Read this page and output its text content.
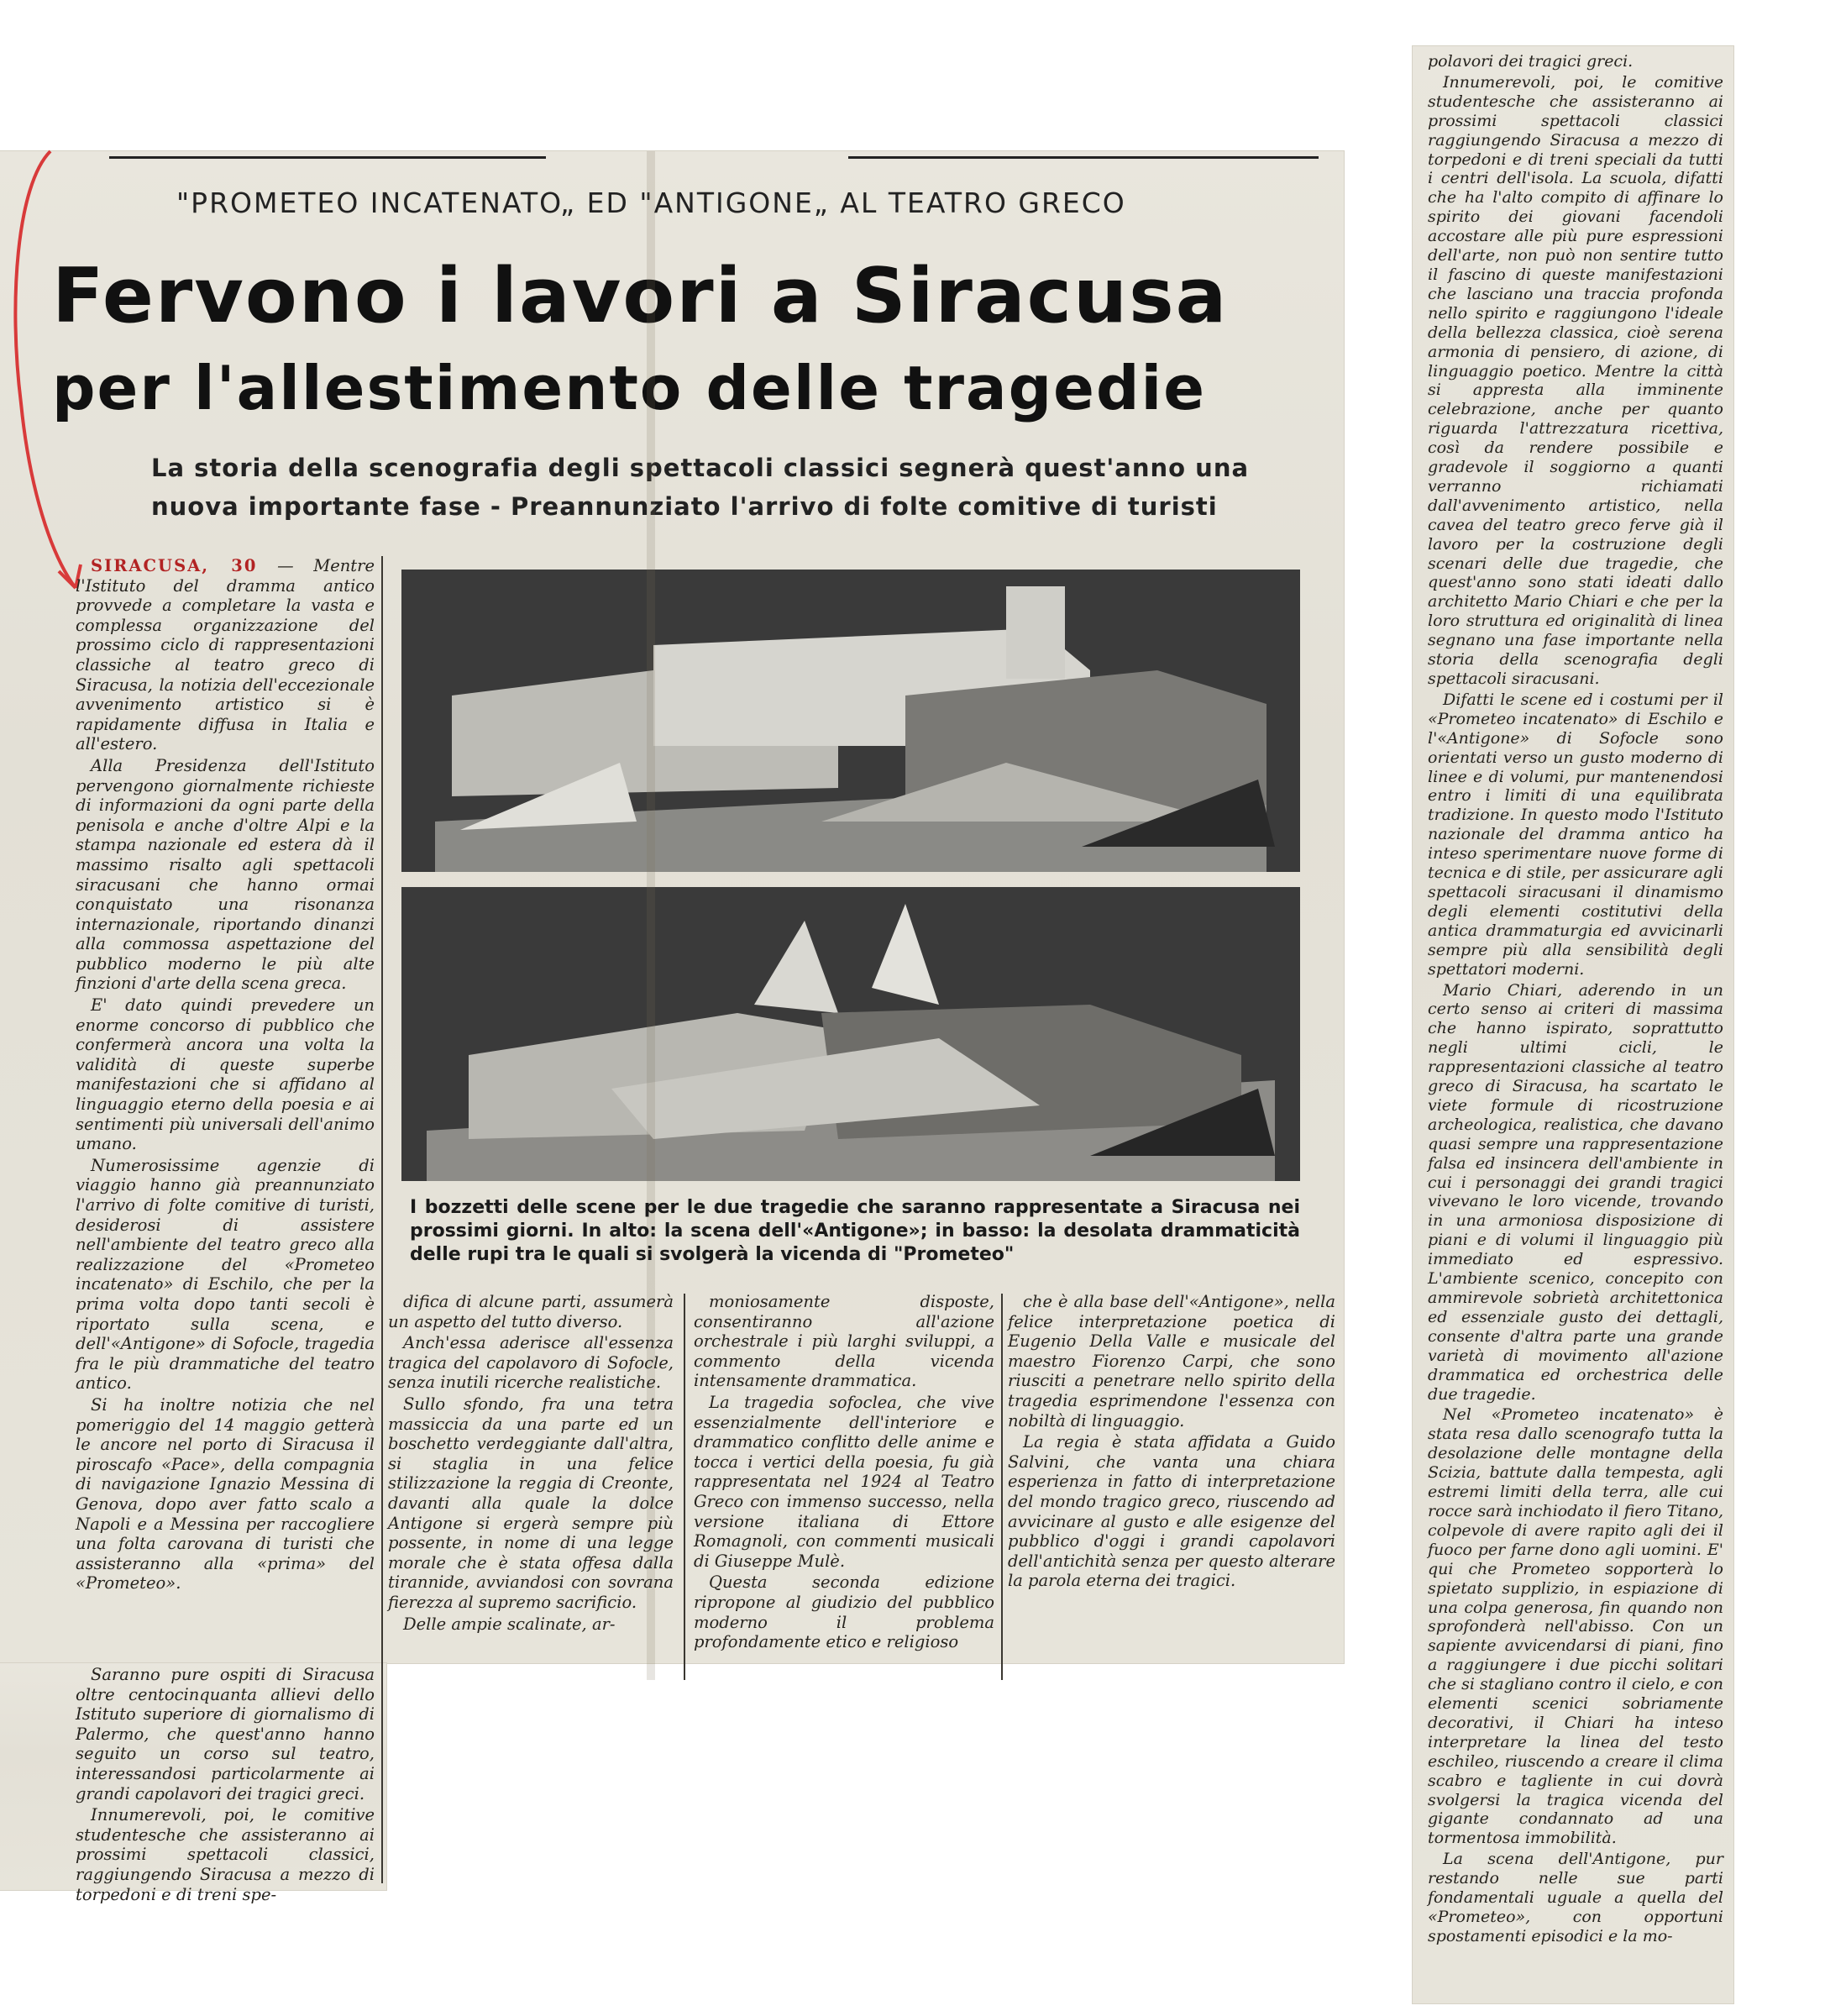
"PROMETEO INCATENATO„ ED "ANTIGONE„ AL TEATRO GRECO
Fervono i lavori a Siracusa
per l'allestimento delle tragedie
La storia della scenografia degli spettacoli classici segnerà quest'anno una
nuova importante fase - Preannunziato l'arrivo di folte comitive di turisti

SIRACUSA, 30 — Mentre l'Istituto del dramma antico provvede a completare la vasta e complessa organizzazione del prossimo ciclo di rappresentazioni classiche al teatro greco di Siracusa, la notizia dell'eccezionale avvenimento artistico si è rapidamente diffusa in Italia e all'estero.

Alla Presidenza dell'Istituto pervengono giornalmente richieste di informazioni da ogni parte della penisola e anche d'oltre Alpi e la stampa nazionale ed estera dà il massimo risalto agli spettacoli siracusani che hanno ormai conquistato una risonanza internazionale, riportando dinanzi alla commossa aspettazione del pubblico moderno le più alte finzioni d'arte della scena greca.

E' dato quindi prevedere un enorme concorso di pubblico che confermerà ancora una volta la validità di queste superbe manifestazioni che si affidano al linguaggio eterno della poesia e ai sentimenti più universali dell'animo umano.

Numerosissime agenzie di viaggio hanno già preannunziato l'arrivo di folte comitive di turisti, desiderosi di assistere nell'ambiente del teatro greco alla realizzazione del «Prometeo incatenato» di Eschilo, che per la prima volta dopo tanti secoli è riportato sulla scena, e dell'«Antigone» di Sofocle, tragedia fra le più drammatiche del teatro antico.

Si ha inoltre notizia che nel pomeriggio del 14 maggio getterà le ancore nel porto di Siracusa il piroscafo «Pace», della compagnia di navigazione Ignazio Messina di Genova, dopo aver fatto scalo a Napoli e a Messina per raccogliere una folta carovana di turisti che assisteranno alla «prima» del «Prometeo».

Saranno pure ospiti di Siracusa oltre centocinquanta allievi dello Istituto superiore di giornalismo di Palermo, che quest'anno hanno seguito un corso sul teatro, interessandosi particolarmente ai grandi capolavori dei tragici greci.

Innumerevoli, poi, le comitive studentesche che assisteranno ai prossimi spettacoli classici, raggiungendo Siracusa a mezzo di torpedoni e di treni spe-

I bozzetti delle scene per le due tragedie che saranno rappresentate a Siracusa nei prossimi giorni. In alto: la scena dell'«Antigone»; in basso: la desolata drammaticità delle rupi tra le quali si svolgerà la vicenda di "Prometeo"

difica di alcune parti, assumerà un aspetto del tutto diverso.

Anch'essa aderisce all'essenza tragica del capolavoro di Sofocle, senza inutili ricerche realistiche.

Sullo sfondo, fra una tetra massiccia da una parte ed un boschetto verdeggiante dall'altra, si staglia in una felice stilizzazione la reggia di Creonte, davanti alla quale la dolce Antigone si ergerà sempre più possente, in nome di una legge morale che è stata offesa dalla tirannide, avviandosi con sovrana fierezza al supremo sacrificio.

Delle ampie scalinate, ar-

moniosamente disposte, consentiranno all'azione orchestrale i più larghi sviluppi, a commento della vicenda intensamente drammatica.

La tragedia sofoclea, che vive essenzialmente dell'interiore e drammatico conflitto delle anime e tocca i vertici della poesia, fu già rappresentata nel 1924 al Teatro Greco con immenso successo, nella versione italiana di Ettore Romagnoli, con commenti musicali di Giuseppe Mulè.

Questa seconda edizione ripropone al giudizio del pubblico moderno il problema profondamente etico e religioso

che è alla base dell'«Antigone», nella felice interpretazione poetica di Eugenio Della Valle e musicale del maestro Fiorenzo Carpi, che sono riusciti a penetrare nello spirito della tragedia esprimendone l'essenza con nobiltà di linguaggio.

La regia è stata affidata a Guido Salvini, che vanta una chiara esperienza in fatto di interpretazione del mondo tragico greco, riuscendo ad avvicinare al gusto e alle esigenze del pubblico d'oggi i grandi capolavori dell'antichità senza per questo alterare la parola eterna dei tragici.

polavori dei tragici greci.

Innumerevoli, poi, le comitive studentesche che assisteranno ai prossimi spettacoli classici raggiungendo Siracusa a mezzo di torpedoni e di treni speciali da tutti i centri dell'isola. La scuola, difatti che ha l'alto compito di affinare lo spirito dei giovani facendoli accostare alle più pure espressioni dell'arte, non può non sentire tutto il fascino di queste manifestazioni che lasciano una traccia profonda nello spirito e raggiungono l'ideale della bellezza classica, cioè serena armonia di pensiero, di azione, di linguaggio poetico. Mentre la città si appresta alla imminente celebrazione, anche per quanto riguarda l'attrezzatura ricettiva, così da rendere possibile e gradevole il soggiorno a quanti verranno richiamati dall'avvenimento artistico, nella cavea del teatro greco ferve già il lavoro per la costruzione degli scenari delle due tragedie, che quest'anno sono stati ideati dallo architetto Mario Chiari e che per la loro struttura ed originalità di linea segnano una fase importante nella storia della scenografia degli spettacoli siracusani.

Difatti le scene ed i costumi per il «Prometeo incatenato» di Eschilo e l'«Antigone» di Sofocle sono orientati verso un gusto moderno di linee e di volumi, pur mantenendosi entro i limiti di una equilibrata tradizione. In questo modo l'Istituto nazionale del dramma antico ha inteso sperimentare nuove forme di tecnica e di stile, per assicurare agli spettacoli siracusani il dinamismo degli elementi costitutivi della antica drammaturgia ed avvicinarli sempre più alla sensibilità degli spettatori moderni.

Mario Chiari, aderendo in un certo senso ai criteri di massima che hanno ispirato, soprattutto negli ultimi cicli, le rappresentazioni classiche al teatro greco di Siracusa, ha scartato le viete formule di ricostruzione archeologica, realistica, che davano quasi sempre una rappresentazione falsa ed insincera dell'ambiente in cui i personaggi dei grandi tragici vivevano le loro vicende, trovando in una armoniosa disposizione di piani e di volumi il linguaggio più immediato ed espressivo. L'ambiente scenico, concepito con ammirevole sobrietà architettonica ed essenziale gusto dei dettagli, consente d'altra parte una grande varietà di movimento all'azione drammatica ed orchestrica delle due tragedie.

Nel «Prometeo incatenato» è stata resa dallo scenografo tutta la desolazione delle montagne della Scizia, battute dalla tempesta, agli estremi limiti della terra, alle cui rocce sarà inchiodato il fiero Titano, colpevole di avere rapito agli dei il fuoco per farne dono agli uomini. E' qui che Prometeo sopporterà lo spietato supplizio, in espiazione di una colpa generosa, fin quando non sprofonderà nell'abisso. Con un sapiente avvicendarsi di piani, fino a raggiungere i due picchi solitari che si stagliano contro il cielo, e con elementi scenici sobriamente decorativi, il Chiari ha inteso interpretare la linea del testo eschileo, riuscendo a creare il clima scabro e tagliente in cui dovrà svolgersi la tragica vicenda del gigante condannato ad una tormentosa immobilità.

La scena dell'Antigone, pur restando nelle sue parti fondamentali uguale a quella del «Prometeo», con opportuni spostamenti episodici e la mo-
